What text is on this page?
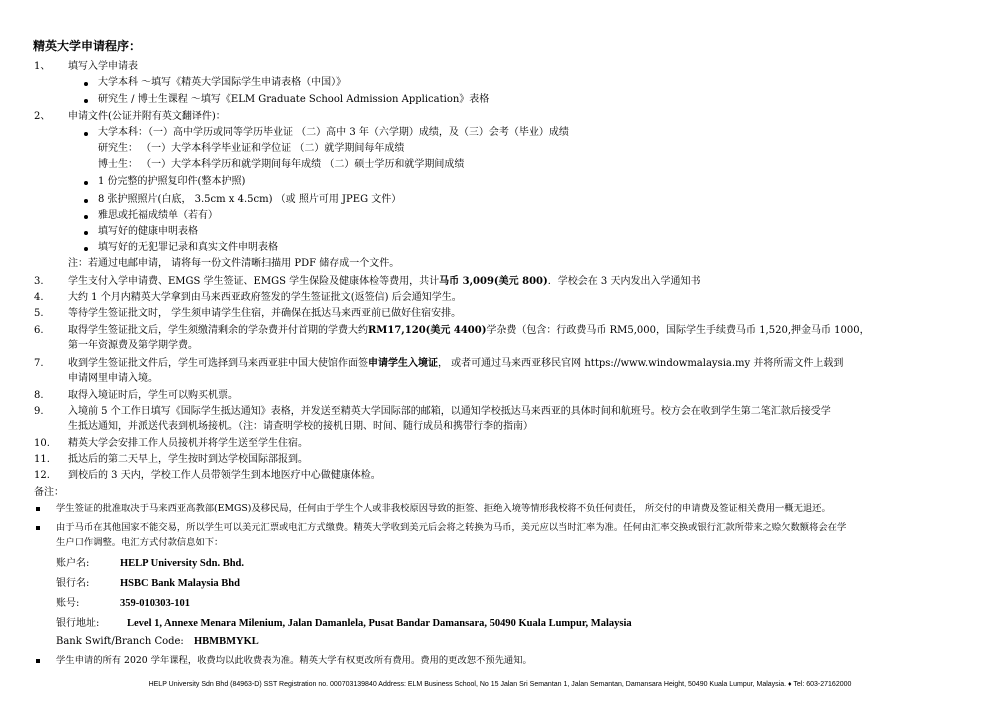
精英大学申请程序：
1、 填写入学申请表
大学本科 ～填写《精英大学国际学生申请表格（中国）》
研究生 / 博士生课程 ～填写《ELM Graduate School Admission Application》表格
2、 申请文件(公证并附有英文翻译件)：
大学本科：（一）高中学历或同等学历毕业证 （二）高中 3 年（六学期）成绩，及（三）会考（毕业）成绩
研究生： （一）大学本科学毕业证和学位证 （二）就学期间每年成绩
博士生： （一）大学本科学历和就学期间每年成绩 （二）硕士学历和就学期间成绩
1 份完整的护照复印件(整本护照)
8 张护照照片(白底， 3.5cm x 4.5cm) （或 照片可用 JPEG 文件）
雅思或托福成绩单（若有）
填写好的健康申明表格
填写好的无犯罪记录和真实文件申明表格
注：若通过电邮申请， 请将每一份文件清晰扫描用 PDF 储存成一个文件。
3. 学生支付入学申请费、EMGS 学生签证、EMGS 学生保险及健康体检等费用，共计马币 3,009(美元 800)．学校会在 3 天内发出入学通知书
4. 大约 1 个月内精英大学拿到由马来西亚政府签发的学生签证批文(返签信) 后会通知学生。
5. 等待学生签证批文时， 学生须申请学生住宿，并确保在抵达马来西亚前已做好住宿安排。
6. 取得学生签证批文后，学生须缴清剩余的学杂费并付首期的学费大约RM17,120(美元 4400)学杂费（包含：行政费马币 RM5,000，国际学生手续费马币 1,520,押金马币 1000，
第一年资源费及第学期学费。
7. 收到学生签证批文件后，学生可选择到马来西亚驻中国大使馆作面签申请学生入境证， 或者可通过马来西亚移民官网 https://www.windowmalaysia.my 并将所需文件上载到
申请网里申请入境。
8. 取得入境证时后，学生可以购买机票。
9. 入境前 5 个工作日填写《国际学生抵达通知》表格，并发送至精英大学国际部的邮箱，以通知学校抵达马来西亚的具体时间和航班号。校方会在收到学生第二笔汇款后接受学
生抵达通知，并派送代表到机场接机。（注：请查明学校的接机日期、时间、随行成员和携带行李的指南）
10. 精英大学会安排工作人员接机并将学生送至学生住宿。
11. 抵达后的第二天早上，学生按时到达学校国际部报到。
12. 到校后的 3 天内，学校工作人员带领学生到本地医疗中心做健康体检。
备注：
学生签证的批准取决于马来西亚高教部(EMGS)及移民局，任何由于学生个人或非我校原因导致的拒签、拒绝入境等情形我校将不负任何责任， 所交付的申请费及签证相关费用一概无退还。
由于马币在其他国家不能交易，所以学生可以美元汇票或电汇方式缴费。精英大学收到美元后会将之转换为马币，美元应以当时汇率为准。任何由汇率交换或银行汇款所带来之赊欠数额将会在学
生户口作调整。电汇方式付款信息如下：
账户名:	HELP University Sdn. Bhd.
银行名:	HSBC Bank Malaysia Bhd
账号:	359-010303-101
银行地址:	Level 1, Annexe Menara Milenium, Jalan Damanlela, Pusat Bandar Damansara, 50490 Kuala Lumpur, Malaysia
Bank Swift/Branch Code: HBMBMYKL
学生申请的所有 2020 学年课程，收费均以此收费表为准。精英大学有权更改所有费用。费用的更改恕不预先通知。
HELP University Sdn Bhd (84963-D) SST Registration no. 000703139840 Address: ELM Business School, No 15 Jalan Sri Semantan 1, Jalan Semantan, Damansara Height, 50490 Kuala Lumpur, Malaysia. ♦ Tel: 603-27162000
